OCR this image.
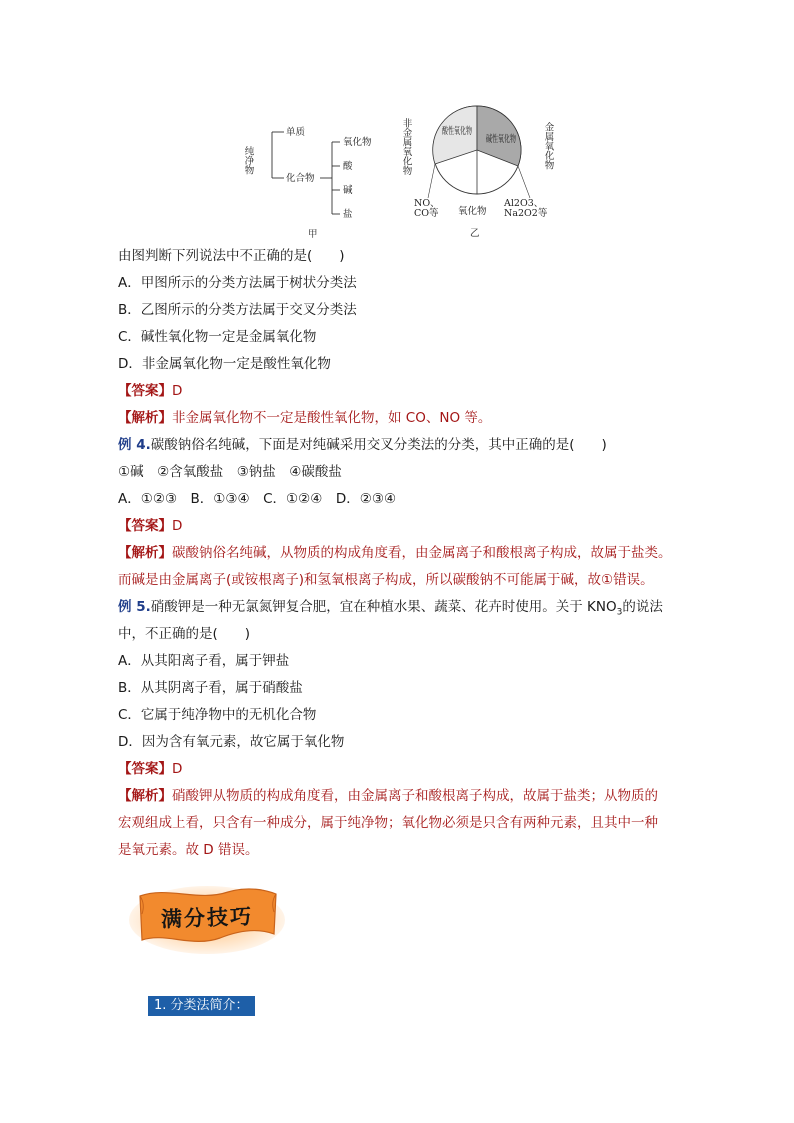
纯净物
单质
化合物
氧化物
酸
碱
盐
甲
非金属氧化物	金属氧化物
酸性氧化物
碱性氧化物
NO、
CO等 氧化物
Al2O3、
Na2O2等
乙
由图判断下列说法中不正确的是(　　)
A．甲图所示的分类方法属于树状分类法
B．乙图所示的分类方法属于交叉分类法
C．碱性氧化物一定是金属氧化物
D．非金属氧化物一定是酸性氧化物
【答案】D
【解析】非金属氧化物不一定是酸性氧化物，如 CO、NO 等。
例 4.碳酸钠俗名纯碱，下面是对纯碱采用交叉分类法的分类，其中正确的是(　　)
①碱　②含氧酸盐　③钠盐　④碳酸盐
A．①②③　B．①③④　C．①②④　D．②③④
【答案】D
【解析】碳酸钠俗名纯碱，从物质的构成角度看，由金属离子和酸根离子构成，故属于盐类。
而碱是由金属离子(或铵根离子)和氢氧根离子构成，所以碳酸钠不可能属于碱，故①错误。
例 5.硝酸钾是一种无氯氮钾复合肥，宜在种植水果、蔬菜、花卉时使用。关于 $KNO_3$的说法
中，不正确的是(　　)
A．从其阳离子看，属于钾盐
B．从其阴离子看，属于硝酸盐
C．它属于纯净物中的无机化合物
D．因为含有氧元素，故它属于氧化物
【答案】D
【解析】硝酸钾从物质的构成角度看，由金属离子和酸根离子构成，故属于盐类；从物质的
宏观组成上看，只含有一种成分，属于纯净物；氧化物必须是只含有两种元素，且其中一种
是氧元素。故 D 错误。
满分技巧
1. 分类法简介：
